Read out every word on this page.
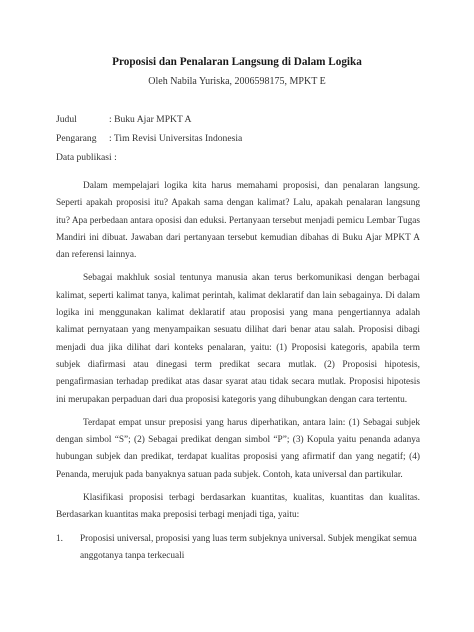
Proposisi dan Penalaran Langsung di Dalam Logika
Oleh Nabila Yuriska, 2006598175, MPKT E
Judul	: Buku Ajar MPKT A
Pengarang	: Tim Revisi Universitas Indonesia
Data publikasi :

Dalam mempelajari logika kita harus memahami proposisi, dan penalaran langsung. Seperti apakah proposisi itu? Apakah sama dengan kalimat? Lalu, apakah penalaran langsung itu? Apa perbedaan antara oposisi dan eduksi. Pertanyaan tersebut menjadi pemicu Lembar Tugas Mandiri ini dibuat. Jawaban dari pertanyaan tersebut kemudian dibahas di Buku Ajar MPKT A dan referensi lainnya.

Sebagai makhluk sosial tentunya manusia akan terus berkomunikasi dengan berbagai kalimat, seperti kalimat tanya, kalimat perintah, kalimat deklaratif dan lain sebagainya. Di dalam logika ini menggunakan kalimat deklaratif atau proposisi yang mana pengertiannya adalah kalimat pernyataan yang menyampaikan sesuatu dilihat dari benar atau salah. Proposisi dibagi menjadi dua jika dilihat dari konteks penalaran, yaitu: (1) Proposisi kategoris, apabila term subjek diafirmasi atau dinegasi term predikat secara mutlak. (2) Proposisi hipotesis, pengafirmasian terhadap predikat atas dasar syarat atau tidak secara mutlak. Proposisi hipotesis ini merupakan perpaduan dari dua proposisi kategoris yang dihubungkan dengan cara tertentu.

Terdapat empat unsur preposisi yang harus diperhatikan, antara lain: (1) Sebagai subjek dengan simbol “S”; (2) Sebagai predikat dengan simbol “P”; (3) Kopula yaitu penanda adanya hubungan subjek dan predikat, terdapat kualitas proposisi yang afirmatif dan yang negatif; (4) Penanda, merujuk pada banyaknya satuan pada subjek. Contoh, kata universal dan partikular.

Klasifikasi proposisi terbagi berdasarkan kuantitas, kualitas, kuantitas dan kualitas. Berdasarkan kuantitas maka preposisi terbagi menjadi tiga, yaitu:

1.	Proposisi universal, proposisi yang luas term subjeknya universal. Subjek mengikat semua anggotanya tanpa terkecuali
